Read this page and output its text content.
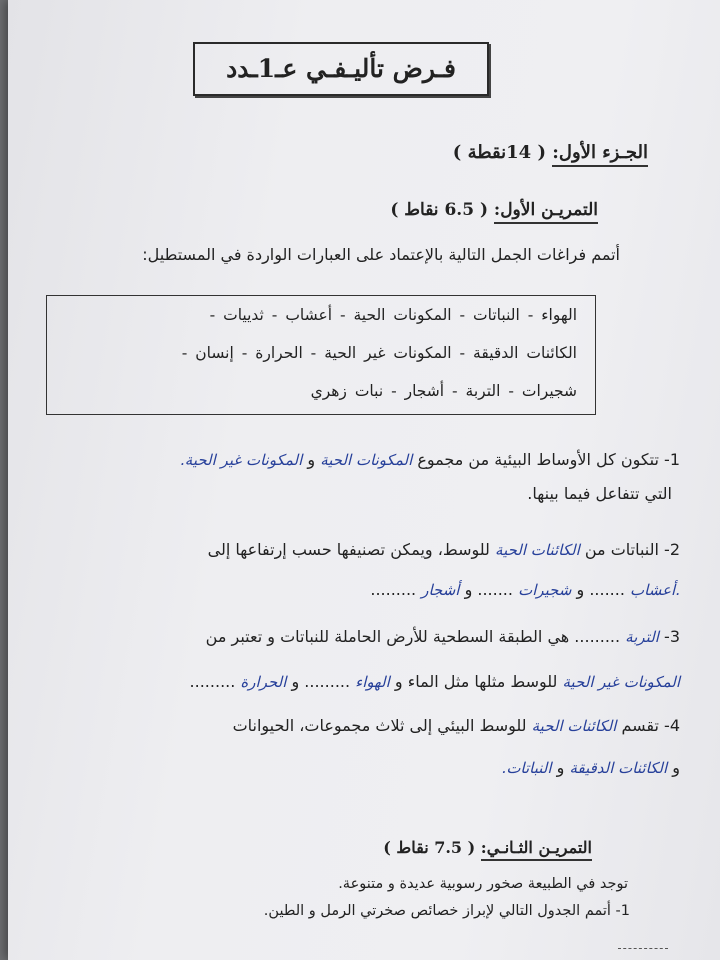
فـرض تأليـفـي عـ1ـدد
الجـزء الأول: ( 14نقطة )
التمريـن الأول: ( 6.5 نقاط )
أتمم فراغات الجمل التالية بالإعتماد على العبارات الواردة في المستطيل:
الهواء - النباتات - المكونات الحية - أعشاب - ثدييات -
الكائنات الدقيقة - المكونات غير الحية - الحرارة - إنسان -
شجيرات - التربة - أشجار - نبات زهري
1- تتكون كل الأوساط البيئية من مجموع المكونات الحية و المكونات غير الحية.
التي تتفاعل فيما بينها.
2- النباتات من الكائنات الحية للوسط، ويمكن تصنيفها حسب إرتفاعها إلى
.أعشاب ....... و شجيرات ....... و أشجار .........
3- التربة ......... هي الطبقة السطحية للأرض الحاملة للنباتات و تعتبر من
المكونات غير الحية للوسط مثلها مثل الماء و الهواء ......... و الحرارة .........
4- تقسم الكائنات الحية للوسط البيئي إلى ثلاث مجموعات، الحيوانات
و الكائنات الدقيقة و النباتات.
التمريـن الثـانـي: ( 7.5 نقاط )
توجد في الطبيعة صخور رسوبية عديدة و متنوعة.
1- أتمم الجدول التالي لإبراز خصائص صخرتي الرمل و الطين.
